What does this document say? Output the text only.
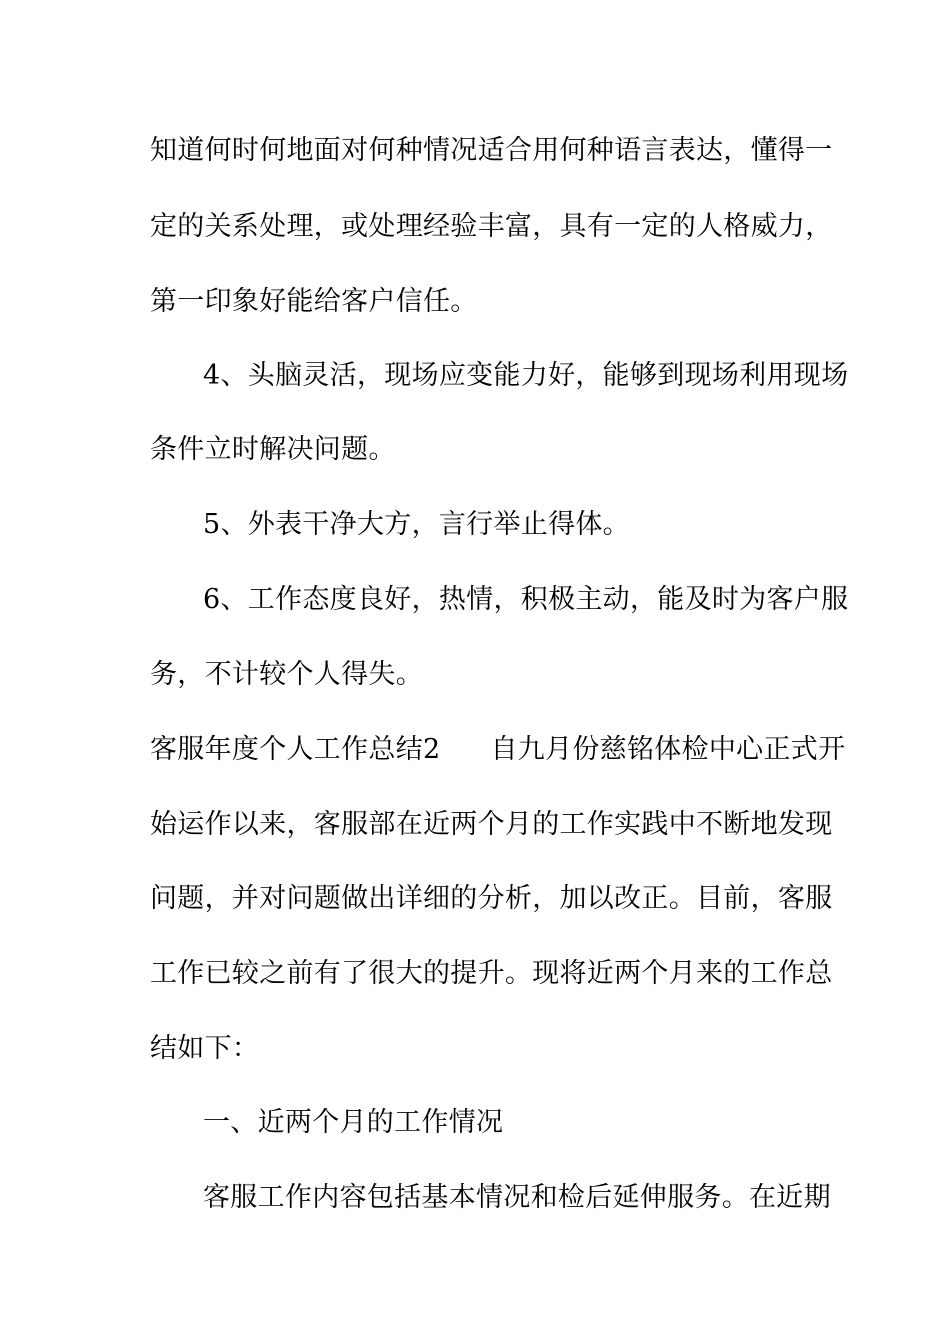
知道何时何地面对何种情况适合用何种语言表达，懂得一
定的关系处理，或处理经验丰富，具有一定的人格威力，
第一印象好能给客户信任。
4、头脑灵活，现场应变能力好，能够到现场利用现场
条件立时解决问题。
5、外表干净大方，言行举止得体。
6、工作态度良好，热情，积极主动，能及时为客户服
务，不计较个人得失。
客服年度个人工作总结2 自九月份慈铭体检中心正式开
始运作以来，客服部在近两个月的工作实践中不断地发现
问题，并对问题做出详细的分析，加以改正。目前，客服
工作已较之前有了很大的提升。现将近两个月来的工作总
结如下：
一、近两个月的工作情况
客服工作内容包括基本情况和检后延伸服务。在近期
